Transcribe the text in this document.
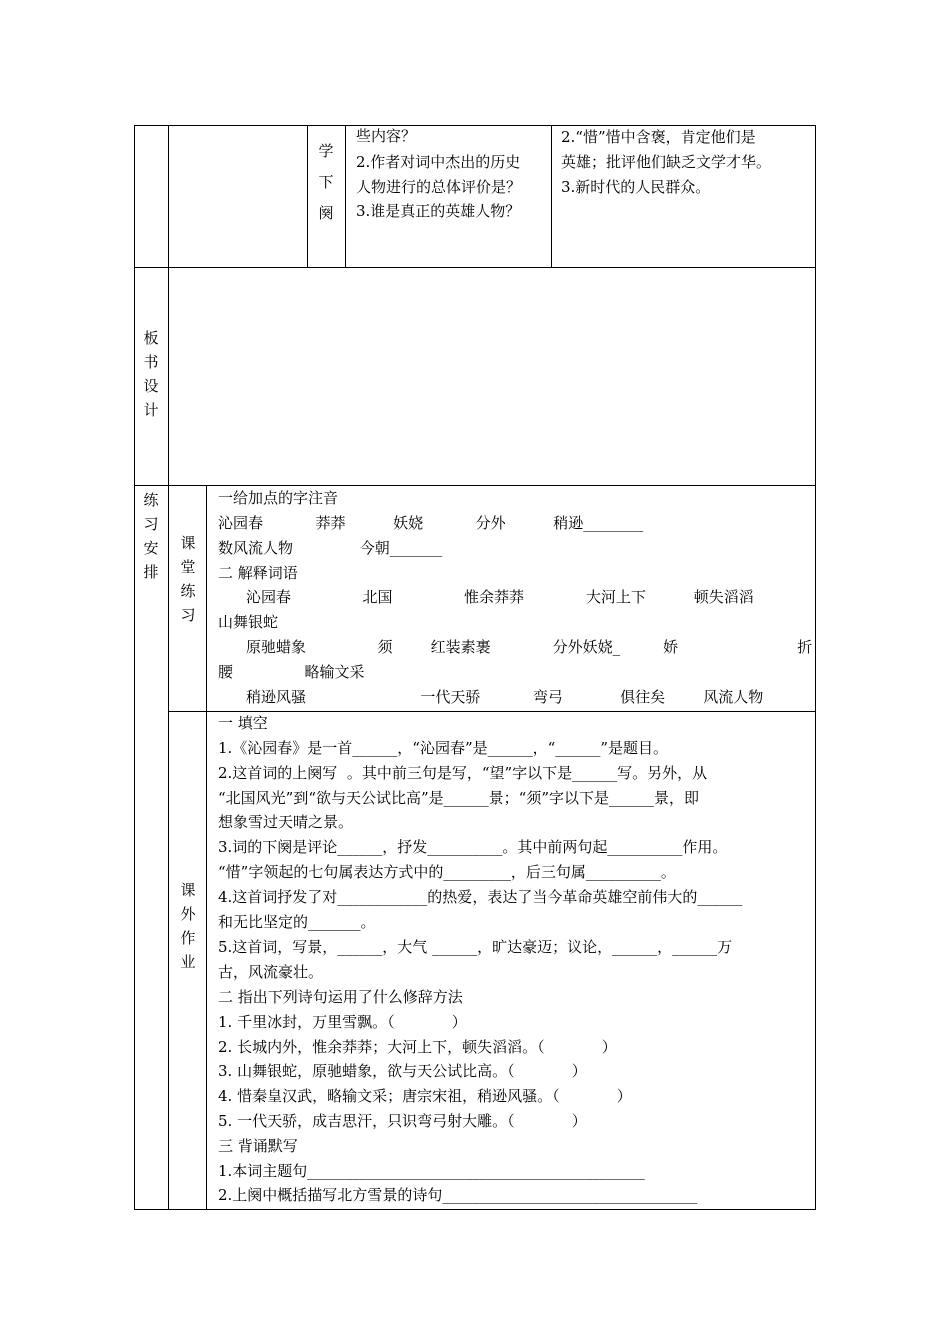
学
下
阕
些内容？
2.作者对词中杰出的历史
人物进行的总体评价是？
3.谁是真正的英雄人物？
2.“惜”惜中含褒，肯定他们是
英雄；批评他们缺乏文学才华。
3.新时代的人民群众。
板
书
设
计
练
习
安
排
课
堂
练
习
一给加点的字注音
沁园春           莽莽          妖娆           分外          稍逊________
数风流人物              今朝_______
二 解释词语
沁园春               北国               惟余莽莽             大河上下          顿失滔滔
山舞银蛇
原驰蜡象               须        红装素裹             分外妖娆_         娇                         折
腰               略输文采
稍逊风骚                        一代天骄           弯弓            俱往矣        风流人物
课
外
作
业
一 填空
1.《沁园春》是一首______，“沁园春”是______，“______”是题目。
2.这首词的上阕写  。其中前三句是写，“望”字以下是______写。另外，从
“北国风光”到“欲与天公试比高”是______景；“须”字以下是______景，即
想象雪过天晴之景。
3.词的下阕是评论______，抒发__________。其中前两句起__________作用。
“惜”字领起的七句属表达方式中的_________，后三句属__________。
4.这首词抒发了对____________的热爱，表达了当今革命英雄空前伟大的______
和无比坚定的_______。
5.这首词，写景，______，大气 ______，旷达豪迈；议论，______，______万
古，风流豪壮。
二 指出下列诗句运用了什么修辞方法
1. 千里冰封，万里雪飘。（            ）
2. 长城内外，惟余莽莽；大河上下，顿失滔滔。（            ）
3. 山舞银蛇，原驰蜡象，欲与天公试比高。（            ）
4. 惜秦皇汉武，略输文采；唐宗宋祖，稍逊风骚。（            ）
5. 一代天骄，成吉思汗，只识弯弓射大雕。（            ）
三 背诵默写
1.本词主题句_____________________________________________
2.上阕中概括描写北方雪景的诗句__________________________________
